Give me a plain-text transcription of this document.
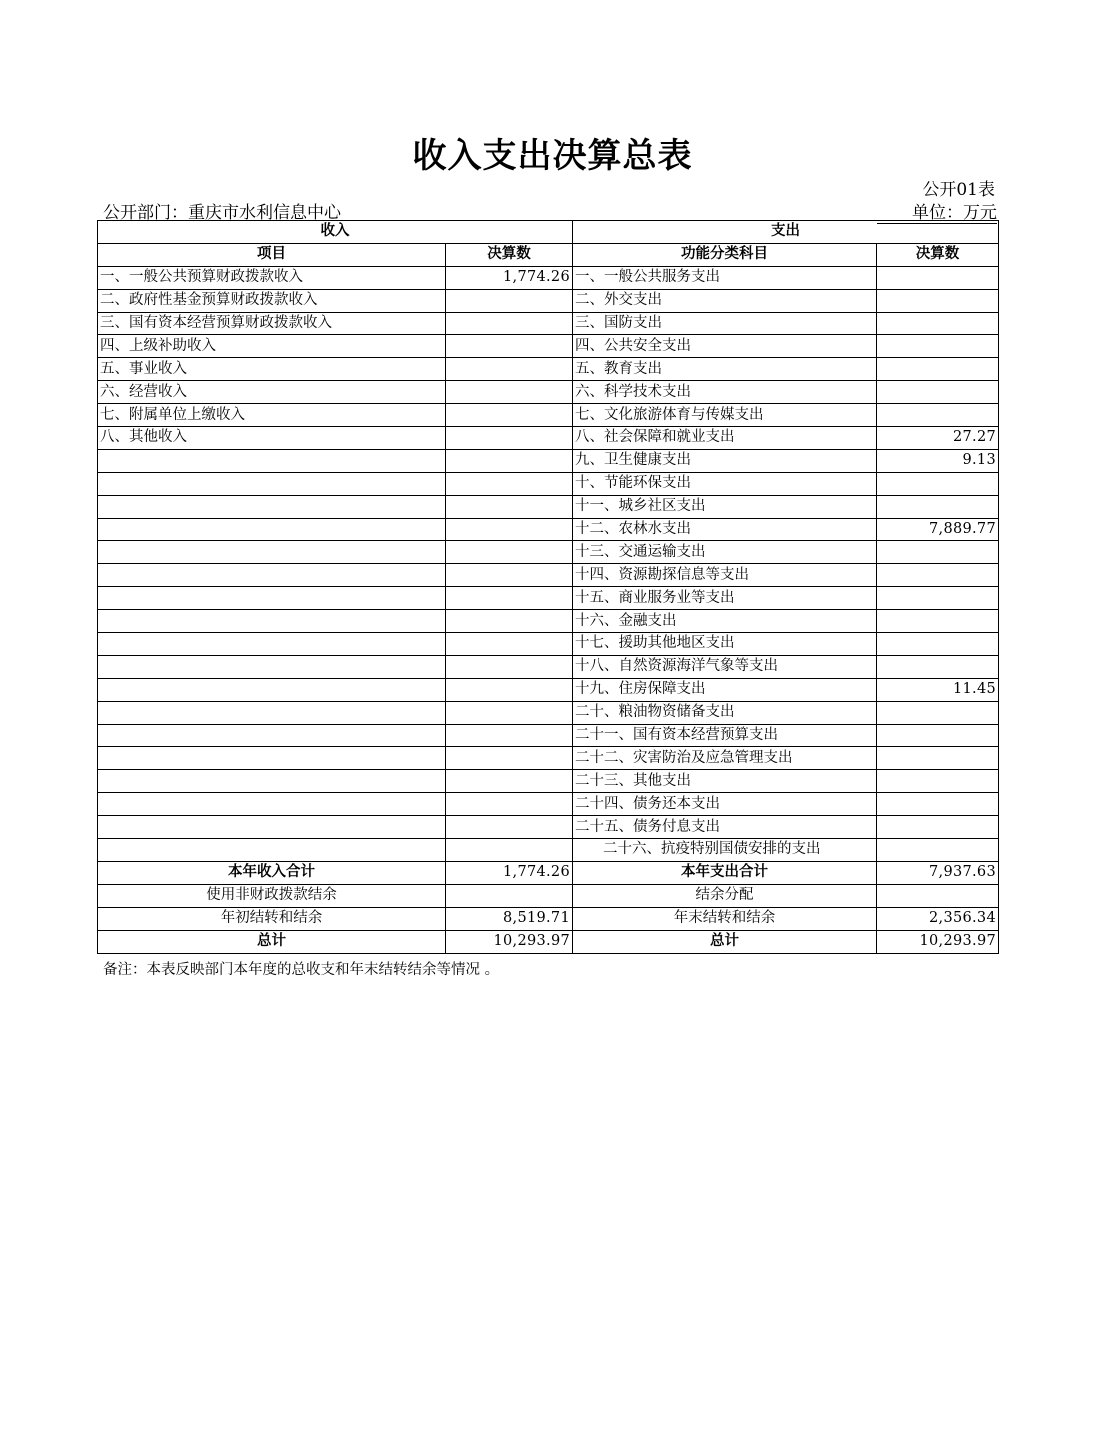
收入支出决算总表
公开01表
公开部门：重庆市水利信息中心	单位：万元
收入		支出	
项目	决算数	功能分类科目	决算数
一、一般公共预算财政拨款收入	1,774.26	一、一般公共服务支出	
二、政府性基金预算财政拨款收入		二、外交支出	
三、国有资本经营预算财政拨款收入		三、国防支出	
四、上级补助收入		四、公共安全支出	
五、事业收入		五、教育支出	
六、经营收入		六、科学技术支出	
七、附属单位上缴收入		七、文化旅游体育与传媒支出	
八、其他收入		八、社会保障和就业支出	27.27
		九、卫生健康支出	9.13
		十、节能环保支出	
		十一、城乡社区支出	
		十二、农林水支出	7,889.77
		十三、交通运输支出	
		十四、资源勘探信息等支出	
		十五、商业服务业等支出	
		十六、金融支出	
		十七、援助其他地区支出	
		十八、自然资源海洋气象等支出	
		十九、住房保障支出	11.45
		二十、粮油物资储备支出	
		二十一、国有资本经营预算支出	
		二十二、灾害防治及应急管理支出	
		二十三、其他支出	
		二十四、债务还本支出	
		二十五、债务付息支出	
		二十六、抗疫特别国债安排的支出	
本年收入合计	1,774.26	本年支出合计	7,937.63
使用非财政拨款结余		结余分配	
年初结转和结余	8,519.71	年末结转和结余	2,356.34
总计	10,293.97	总计	10,293.97
备注：本表反映部门本年度的总收支和年末结转结余等情况 。
